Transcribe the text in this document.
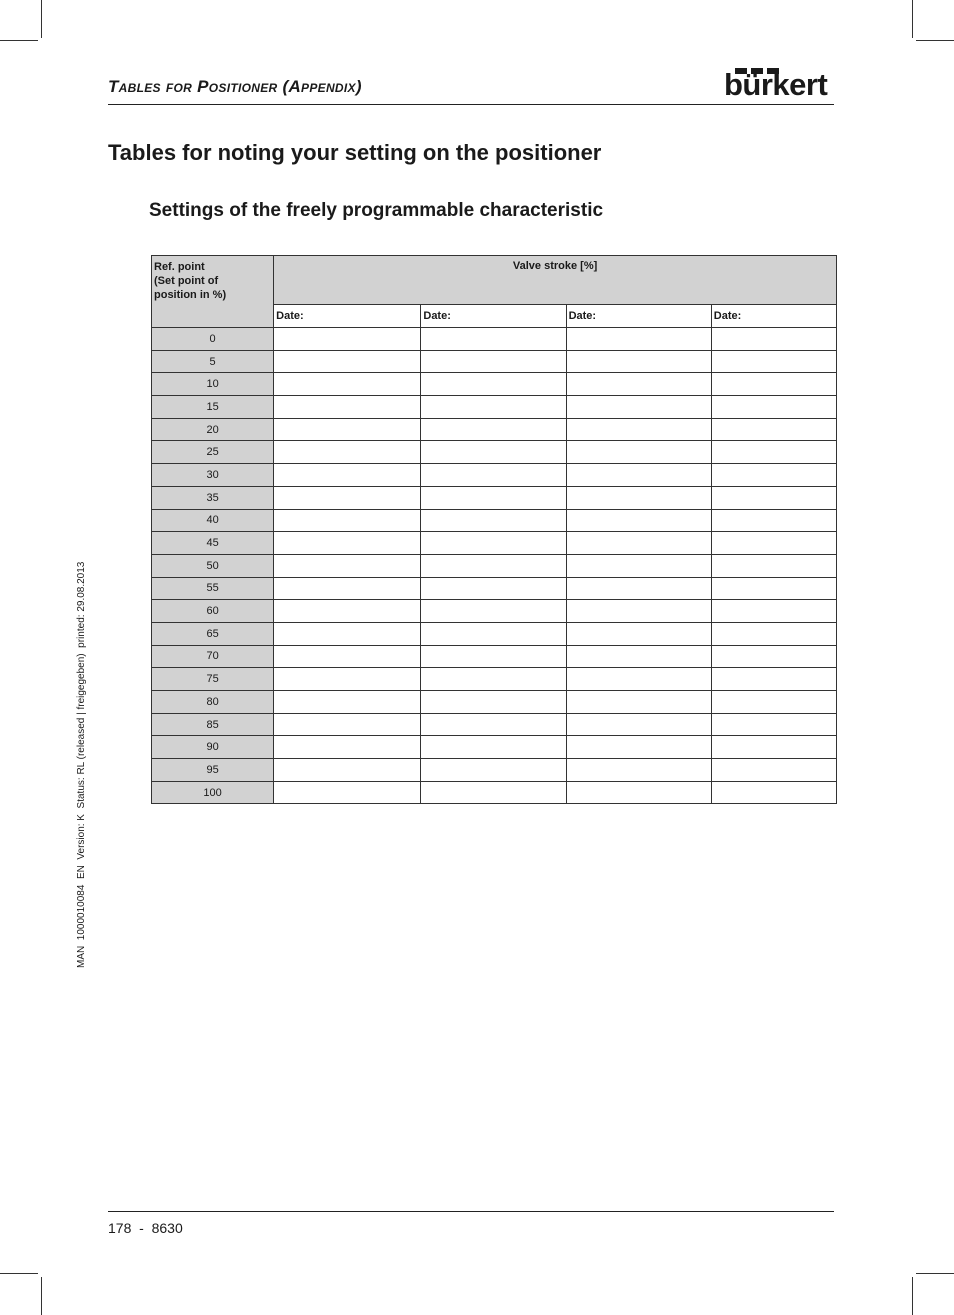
Tables for Positioner (Appendix)	bürkert
Tables for noting your setting on the positioner
Settings of the freely programmable characteristic
Ref. point
(Set point of
position in %)	Valve stroke [%]			
	Date:	Date:	Date:	Date:
0				
5				
10				
15				
20				
25				
30				
35				
40				
45				
50				
55				
60				
65				
70				
75				
80				
85				
90				
95				
100				
MAN  1000010084  EN  Version: K  Status: RL (released | freigegeben)  printed: 29.08.2013
178  -  8630
